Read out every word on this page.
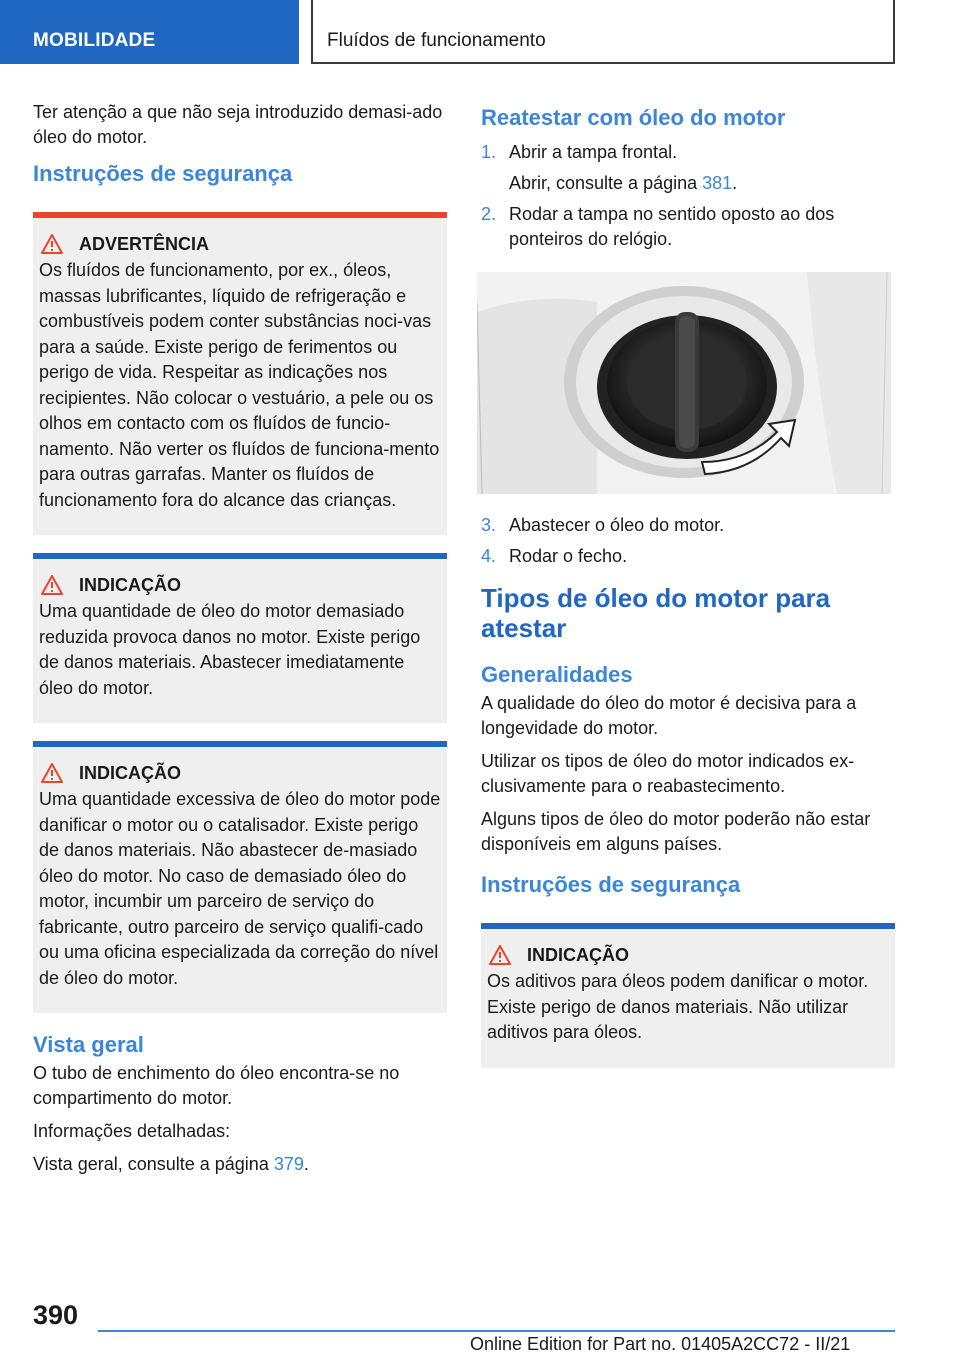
MOBILIDADE	Fluídos de funcionamento

Ter atenção a que não seja introduzido demasi-ado óleo do motor.

Instruções de segurança
ADVERTÊNCIA

Os fluídos de funcionamento, por ex., óleos, massas lubrificantes, líquido de refrigeração e combustíveis podem conter substâncias noci-vas para a saúde. Existe perigo de ferimentos ou perigo de vida. Respeitar as indicações nos recipientes. Não colocar o vestuário, a pele ou os olhos em contacto com os fluídos de funcio-namento. Não verter os fluídos de funciona-mento para outras garrafas. Manter os fluídos de funcionamento fora do alcance das crianças.

INDICAÇÃO

Uma quantidade de óleo do motor demasiado reduzida provoca danos no motor. Existe perigo de danos materiais. Abastecer imediatamente óleo do motor.

INDICAÇÃO

Uma quantidade excessiva de óleo do motor pode danificar o motor ou o catalisador. Existe perigo de danos materiais. Não abastecer de-masiado óleo do motor. No caso de demasiado óleo do motor, incumbir um parceiro de serviço do fabricante, outro parceiro de serviço qualifi-cado ou uma oficina especializada da correção do nível de óleo do motor.

Vista geral

O tubo de enchimento do óleo encontra-se no compartimento do motor.

Informações detalhadas:

Vista geral, consulte a página 379.

Reatestar com óleo do motor
1. Abrir a tampa frontal.
Abrir, consulte a página 381.
2. Rodar a tampa no sentido oposto ao dos ponteiros do relógio.
3. Abastecer o óleo do motor.
4. Rodar o fecho.
Tipos de óleo do motor para atestar
Generalidades

A qualidade do óleo do motor é decisiva para a longevidade do motor.

Utilizar os tipos de óleo do motor indicados ex-clusivamente para o reabastecimento.

Alguns tipos de óleo do motor poderão não estar disponíveis em alguns países.

Instruções de segurança
INDICAÇÃO

Os aditivos para óleos podem danificar o motor. Existe perigo de danos materiais. Não utilizar aditivos para óleos.

390
Online Edition for Part no. 01405A2CC72 - II/21
